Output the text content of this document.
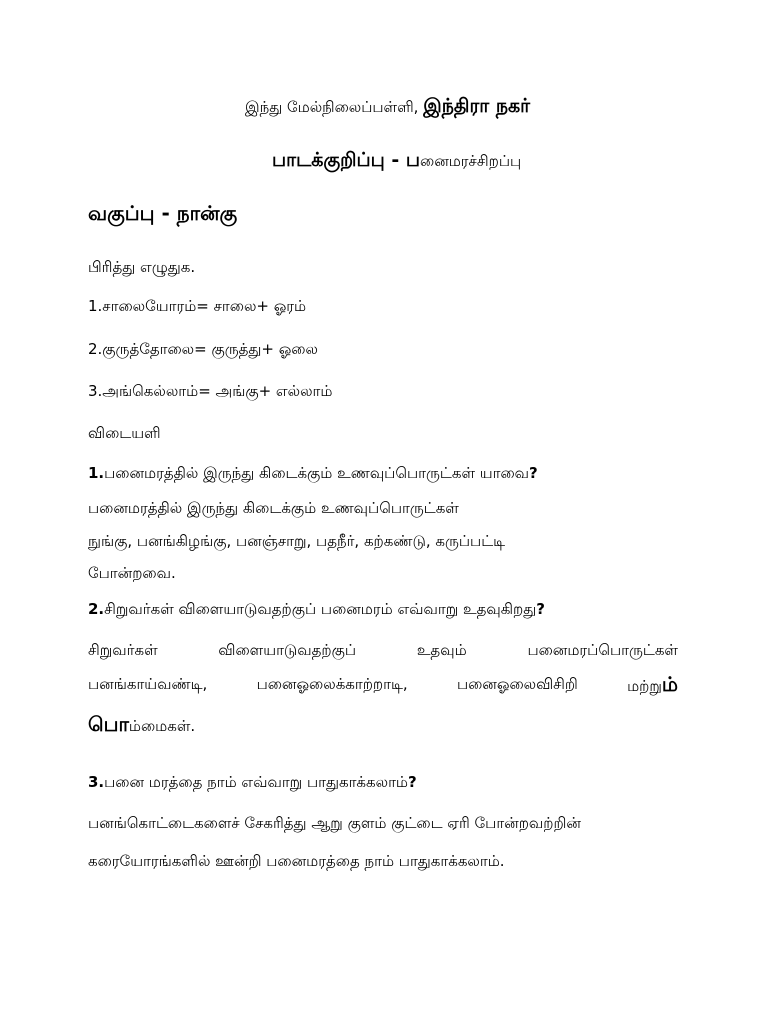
இந்து மேல்நிலைப்பள்ளி, இந்திரா நகர்
பாடக்குறிப்பு - பனைமரச்சிறப்பு
வகுப்பு - நான்கு
பிரித்து எழுதுக.
1.சாலையோரம்= சாலை+ ஓரம்
2.குருத்தோலை= குருத்து+ ஓலை
3.அங்கெல்லாம்= அங்கு+ எல்லாம்
விடையளி
1.பனைமரத்தில் இருந்து கிடைக்கும் உணவுப்பொருட்கள் யாவை?
பனைமரத்தில் இருந்து கிடைக்கும் உணவுப்பொருட்கள்
நுங்கு, பனங்கிழங்கு, பனஞ்சாறு, பதநீர், கற்கண்டு, கருப்பட்டி
போன்றவை.
2.சிறுவர்கள் விளையாடுவதற்குப் பனைமரம் எவ்வாறு உதவுகிறது?
சிறுவர்கள்	விளையாடுவதற்குப்	உதவும்	பனைமரப்பொருட்கள்
பனங்காய்வண்டி,	பனைஓலைக்காற்றாடி,	பனைஓலைவிசிறி	மற்றும்
பொம்மைகள்.
3.பனை மரத்தை நாம் எவ்வாறு பாதுகாக்கலாம்?
பனங்கொட்டைகளைச் சேகரித்து ஆறு குளம் குட்டை ஏரி போன்றவற்றின்
கரையோரங்களில் ஊன்றி பனைமரத்தை நாம் பாதுகாக்கலாம்.
